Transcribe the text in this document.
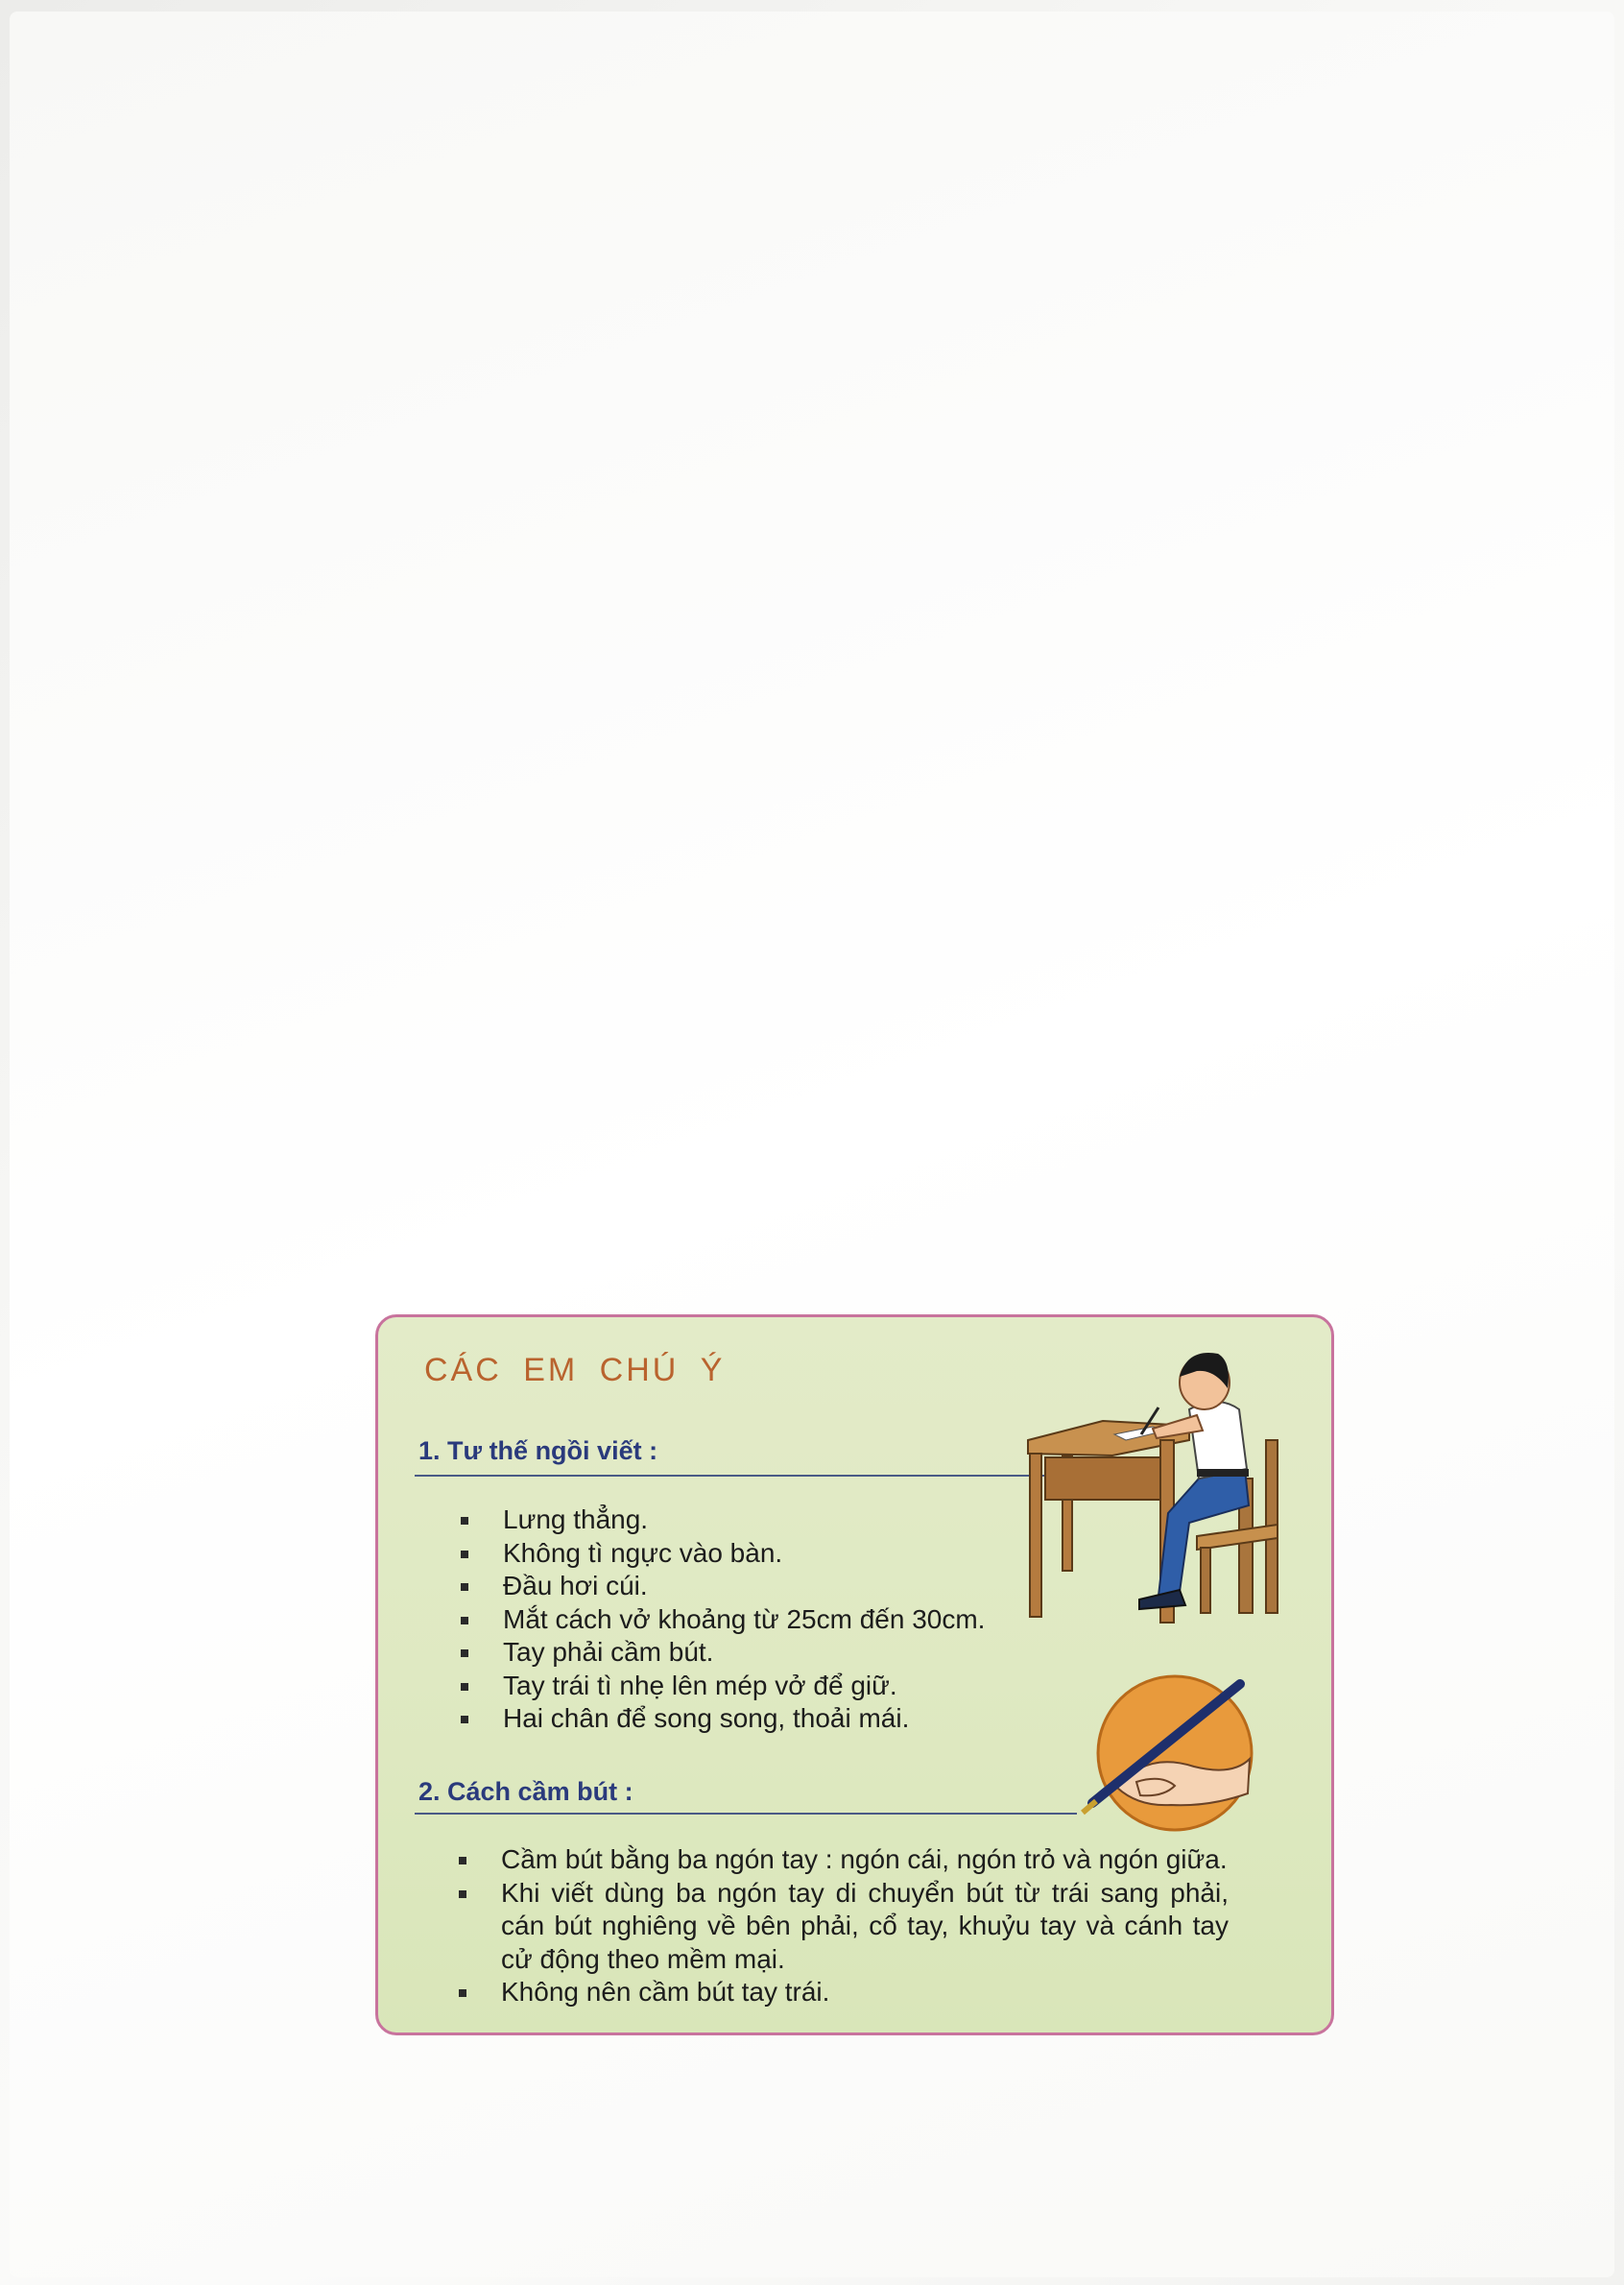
CÁC EM CHÚ Ý
1. Tư thế ngồi viết :
Lưng thẳng.
Không tì ngực vào bàn.
Đầu hơi cúi.
Mắt cách vở khoảng từ 25cm đến 30cm.
Tay phải cầm bút.
Tay trái tì nhẹ lên mép vở để giữ.
Hai chân để song song, thoải mái.
2. Cách cầm bút :
Cầm bút bằng ba ngón tay : ngón cái, ngón trỏ và ngón giữa.
Khi viết dùng ba ngón tay di chuyển bút từ trái sang phải, cán bút nghiêng về bên phải, cổ tay, khuỷu tay và cánh tay cử động theo mềm mại.
Không nên cầm bút tay trái.
